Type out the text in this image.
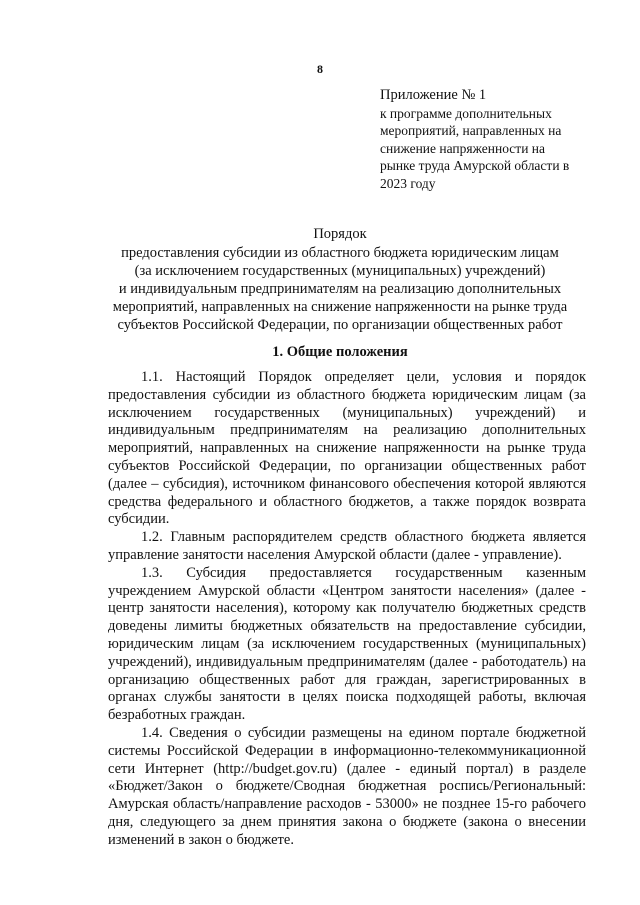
8
Приложение № 1
к программе дополнительных
мероприятий, направленных на
снижение напряженности на
рынке труда Амурской области в
2023 году
Порядок
предоставления субсидии из областного бюджета юридическим лицам
(за исключением государственных (муниципальных) учреждений)
и индивидуальным предпринимателям на реализацию дополнительных
мероприятий, направленных на снижение напряженности на рынке труда
субъектов Российской Федерации, по организации общественных работ
1. Общие положения

1.1. Настоящий Порядок определяет цели, условия и порядок предоставления субсидии из областного бюджета юридическим лицам (за исключением государственных (муниципальных) учреждений) и индивидуальным предпринимателям на реализацию дополнительных мероприятий, направленных на снижение напряженности на рынке труда субъектов Российской Федерации, по организации общественных работ (далее – субсидия), источником финансового обеспечения которой являются средства федерального и областного бюджетов, а также порядок возврата субсидии.

1.2. Главным распорядителем средств областного бюджета является управление занятости населения Амурской области (далее - управление).

1.3. Субсидия предоставляется государственным казенным учреждением Амурской области «Центром занятости населения» (далее - центр занятости населения), которому как получателю бюджетных средств доведены лимиты бюджетных обязательств на предоставление субсидии, юридическим лицам (за исключением государственных (муниципальных) учреждений), индивидуальным предпринимателям (далее - работодатель) на организацию общественных работ для граждан, зарегистрированных в органах службы занятости в целях поиска подходящей работы, включая безработных граждан.

1.4. Сведения о субсидии размещены на едином портале бюджетной системы Российской Федерации в информационно-телекоммуникационной сети Интернет (http://budget.gov.ru) (далее - единый портал) в разделе «Бюджет/Закон о бюджете/Сводная бюджетная роспись/Региональный: Амурская область/направление расходов - 53000» не позднее 15-го рабочего дня, следующего за днем принятия закона о бюджете (закона о внесении изменений в закон о бюджете.
